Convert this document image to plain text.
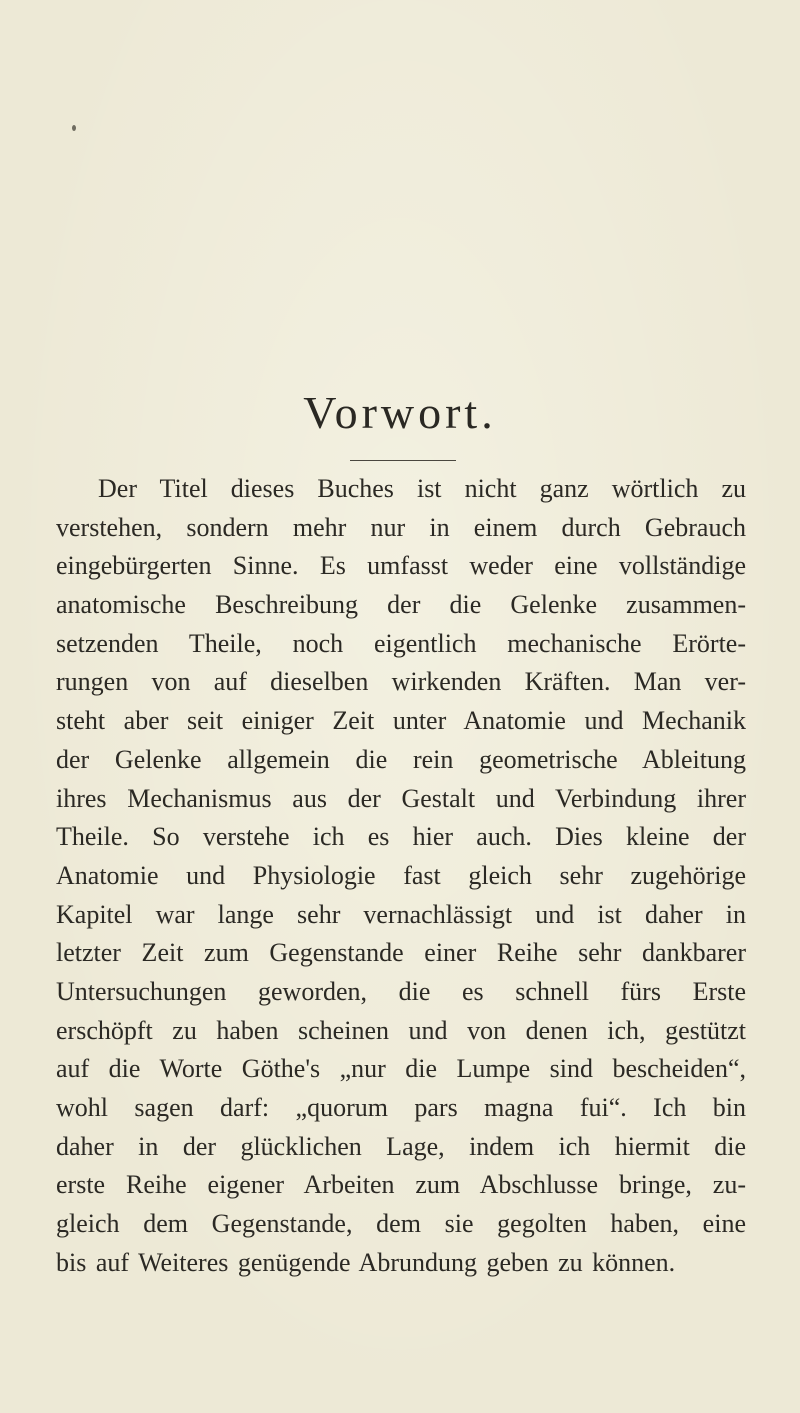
Vorwort.
Der Titel dieses Buches ist nicht ganz wörtlich zu
verstehen, sondern mehr nur in einem durch Gebrauch
eingebürgerten Sinne. Es umfasst weder eine vollständige
anatomische Beschreibung der die Gelenke zusammen-
setzenden Theile, noch eigentlich mechanische Erörte-
rungen von auf dieselben wirkenden Kräften. Man ver-
steht aber seit einiger Zeit unter Anatomie und Mechanik
der Gelenke allgemein die rein geometrische Ableitung
ihres Mechanismus aus der Gestalt und Verbindung ihrer
Theile. So verstehe ich es hier auch. Dies kleine der
Anatomie und Physiologie fast gleich sehr zugehörige
Kapitel war lange sehr vernachlässigt und ist daher in
letzter Zeit zum Gegenstande einer Reihe sehr dankbarer
Untersuchungen geworden, die es schnell fürs Erste
erschöpft zu haben scheinen und von denen ich, gestützt
auf die Worte Göthe's „nur die Lumpe sind bescheiden“,
wohl sagen darf: „quorum pars magna fui“. Ich bin
daher in der glücklichen Lage, indem ich hiermit die
erste Reihe eigener Arbeiten zum Abschlusse bringe, zu-
gleich dem Gegenstande, dem sie gegolten haben, eine
bis auf Weiteres genügende Abrundung geben zu können.
